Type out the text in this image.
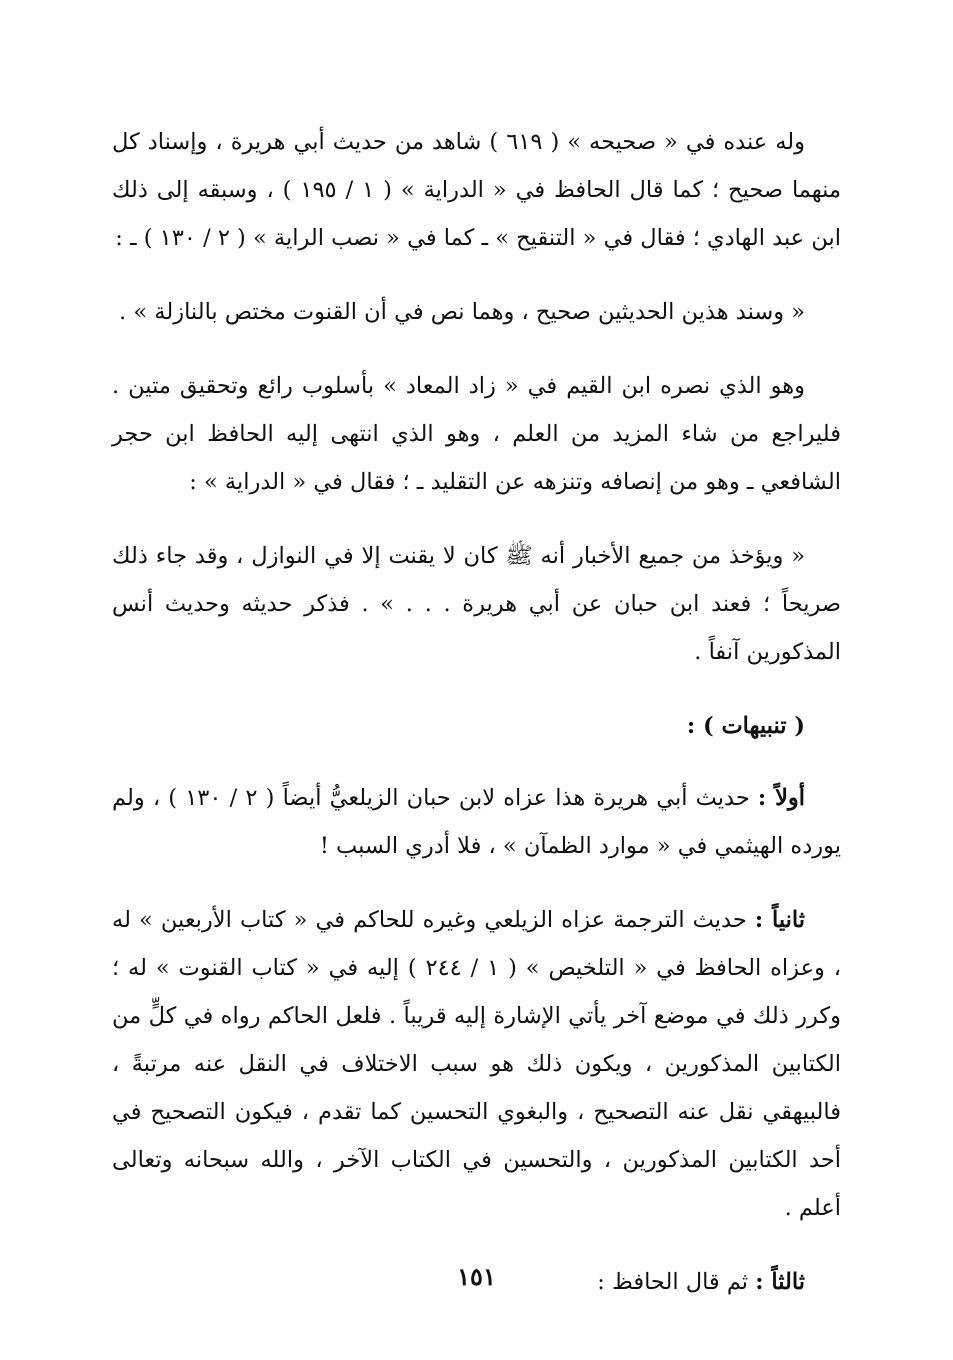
وله عنده في « صحيحه » ( ٦١٩ ) شاهد من حديث أبي هريرة ، وإسناد كل منهما صحيح ؛ كما قال الحافظ في « الدراية » ( ١ / ١٩٥ ) ، وسبقه إلى ذلك ابن عبد الهادي ؛ فقال في « التنقيح » ـ كما في « نصب الراية » ( ٢ / ١٣٠ ) ـ :

« وسند هذين الحديثين صحيح ، وهما نص في أن القنوت مختص بالنازلة » .

وهو الذي نصره ابن القيم في « زاد المعاد » بأسلوب رائع وتحقيق متين . فليراجع من شاء المزيد من العلم ، وهو الذي انتهى إليه الحافظ ابن حجر الشافعي ـ وهو من إنصافه وتنزهه عن التقليد ـ ؛ فقال في « الدراية » :

« ويؤخذ من جميع الأخبار أنه ﷺ كان لا يقنت إلا في النوازل ، وقد جاء ذلك صريحاً ؛ فعند ابن حبان عن أبي هريرة . . . » . فذكر حديثه وحديث أنس المذكورين آنفاً .

( تنبيهات ) :

أولاً : حديث أبي هريرة هذا عزاه لابن حبان الزيلعيُّ أيضاً ( ٢ / ١٣٠ ) ، ولم يورده الهيثمي في « موارد الظمآن » ، فلا أدري السبب !

ثانياً : حديث الترجمة عزاه الزيلعي وغيره للحاكم في « كتاب الأربعين » له ، وعزاه الحافظ في « التلخيص » ( ١ / ٢٤٤ ) إليه في « كتاب القنوت » له ؛ وكرر ذلك في موضع آخر يأتي الإشارة إليه قريباً . فلعل الحاكم رواه في كلٍّ من الكتابين المذكورين ، ويكون ذلك هو سبب الاختلاف في النقل عنه مرتبةً ، فالبيهقي نقل عنه التصحيح ، والبغوي التحسين كما تقدم ، فيكون التصحيح في أحد الكتابين المذكورين ، والتحسين في الكتاب الآخر ، والله سبحانه وتعالى أعلم .

ثالثاً : ثم قال الحافظ :

١٥١
